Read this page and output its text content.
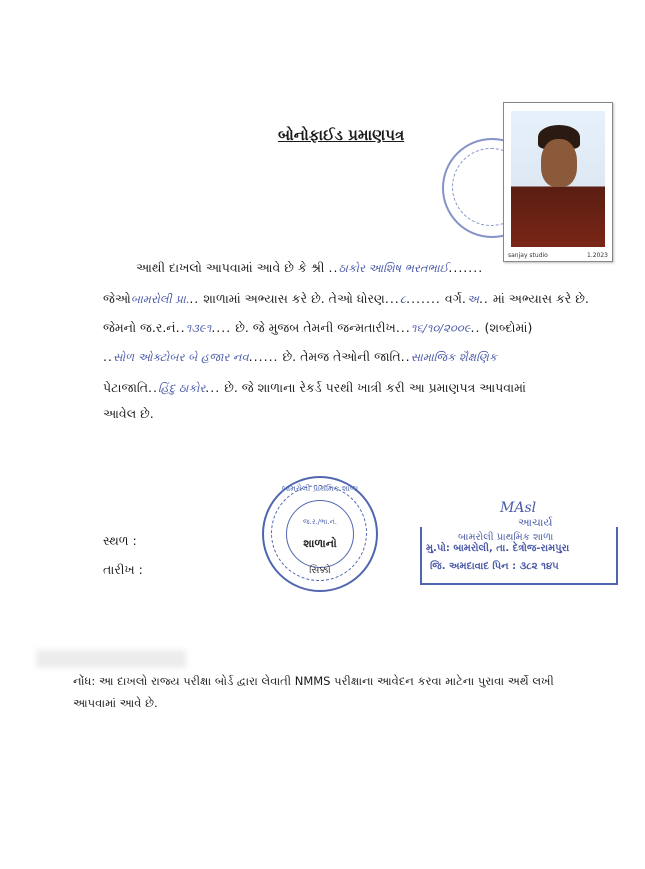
બોનોફાઈડ પ્રમાણપત્ર
sanjay studio	1.2023
આથી દાખલો આપવામાં આવે છે કે શ્રી ..ઠાકોર આશિષ ભરતભાઈ.......
જેઓબામરોલી પ્રા... શાળામાં અભ્યાસ કરે છે. તેઓ ધોરણ...૮....... વર્ગ.અ.. માં અભ્યાસ કરે છે.
જેમનો જ.ર.નં..૧૩૯૧.... છે. જે મુજબ તેમની જન્મતારીખ...૧૬/૧૦/૨૦૦૯.. (શબ્દોમાં)
..સોળ ઓક્ટોબર બે હજાર નવ...... છે. તેમજ તેઓની જાતિ..સામાજિક શૈક્ષણિક
પેટાજાતિ..હિંદુ ઠાકોર... છે. જે શાળાના રેકર્ડ પરથી ખાત્રી કરી આ પ્રમાણપત્ર આપવામાં
આવેલ છે.
સ્થળ :
તારીખ :
બામરોલી પ્રાથમિક શાળા
જ.ર./ભા.નં.
શાળાનો
સિક્કો
MAsl
આચાર્ય
બામરોલી પ્રાથમિક શાળા
મુ.પો: બામરોલી, તા. દેત્રોજ-રામપુરા
જિ. અમદાવાદ પિન : ૩૮૨ ૧૪૫
નોંધ: આ દાખલો રાજ્ય પરીક્ષા બોર્ડ દ્વારા લેવાતી NMMS પરીક્ષાના આવેદન કરવા માટેના પુરાવા અર્થે લખી
આપવામાં આવે છે.
